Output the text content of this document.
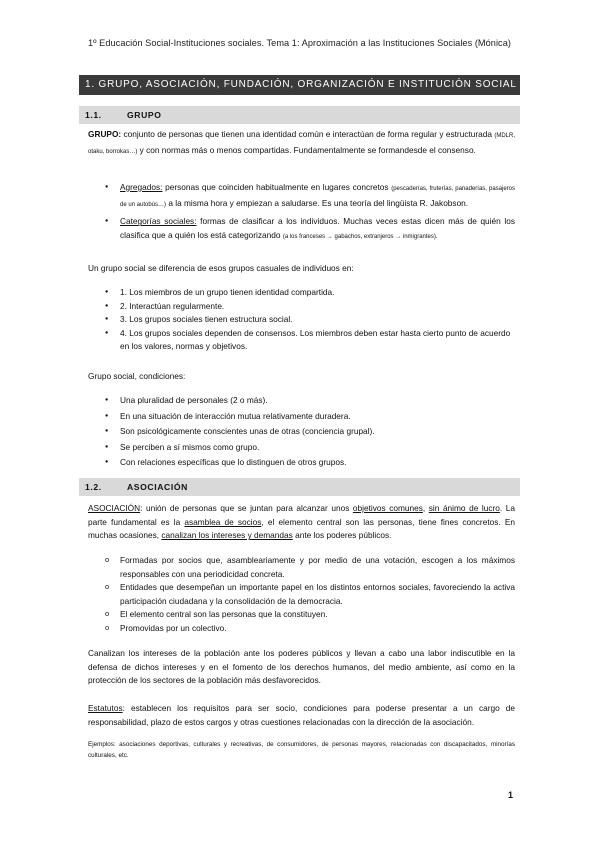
1º Educación Social-Instituciones sociales. Tema 1: Aproximación a las Instituciones Sociales (Mónica)
1. GRUPO, ASOCIACIÓN, FUNDACIÓN, ORGANIZACIÓN E INSTITUCIÓN SOCIAL
1.1.	GRUPO

GRUPO: conjunto de personas que tienen una identidad común e interactúan de forma regular y estructurada (MDLR, otaku, borrokas…) y con normas más o menos compartidas. Fundamentalmente se formandesde el consenso.

● Agregados: personas que coinciden habitualmente en lugares concretos (pescaderías, fruterías, panaderías, pasajeros de un autobús…) a la misma hora y empiezan a saludarse. Es una teoría del lingüista R. Jakobson.
● Categorías sociales: formas de clasificar a los individuos. Muchas veces estas dicen más de quién los clasifica que a quién los está categorizando (a los franceses → gabachos, extranjeros → inmigrantes).

Un grupo social se diferencia de esos grupos casuales de individuos en:

● 1. Los miembros de un grupo tienen identidad compartida.
● 2. Interactúan regularmente.
● 3. Los grupos sociales tienen estructura social.
● 4. Los grupos sociales dependen de consensos. Los miembros deben estar hasta cierto punto de acuerdo en los valores, normas y objetivos.

Grupo social, condiciones:

● Una pluralidad de personales (2 o más).
● En una situación de interacción mutua relativamente duradera.
● Son psicológicamente conscientes unas de otras (conciencia grupal).
● Se perciben a sí mismos como grupo.
● Con relaciones específicas que lo distinguen de otros grupos.
1.2.	ASOCIACIÓN

ASOCIACIÓN: unión de personas que se juntan para alcanzar unos objetivos comunes, sin ánimo de lucro. La parte fundamental es la asamblea de socios, el elemento central son las personas, tiene fines concretos. En muchas ocasiones, canalizan los intereses y demandas ante los poderes públicos.

o Formadas por socios que, asambleariamente y por medio de una votación, escogen a los máximos responsables con una periodicidad concreta.
o Entidades que desempeñan un importante papel en los distintos entornos sociales, favoreciendo la activa participación ciudadana y la consolidación de la democracia.
o El elemento central son las personas que la constituyen.
o Promovidas por un colectivo.

Canalizan los intereses de la población ante los poderes públicos y llevan a cabo una labor indiscutible en la defensa de dichos intereses y en el fomento de los derechos humanos, del medio ambiente, así como en la protección de los sectores de la población más desfavorecidos.

Estatutos: establecen los requisitos para ser socio, condiciones para poderse presentar a un cargo de responsabilidad, plazo de estos cargos y otras cuestiones relacionadas con la dirección de la asociación.

Ejemplos: asociaciones deportivas, culturales y recreativas, de consumidores, de personas mayores, relacionadas con discapacitados, minorías culturales, etc.

1
